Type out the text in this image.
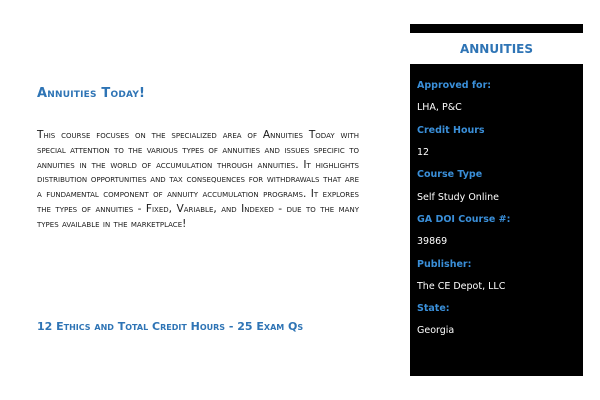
Annuities Today!

This course focuses on the specialized area of Annuities Today with special attention to the various types of annuities and issues specific to annuities in the world of accumulation through annuities. It highlights distribution opportunities and tax consequences for withdrawals that are a fundamental component of annuity accumulation programs. It explores the types of annuities - Fixed, Variable, and Indexed - due to the many types available in the marketplace!

12 Ethics and Total Credit Hours - 25 Exam Qs
ANNUITIES
Approved for:
LHA, P&C
Credit Hours
12
Course Type
Self Study Online
GA DOI Course #:
39869
Publisher:
The CE Depot, LLC
State:
Georgia
